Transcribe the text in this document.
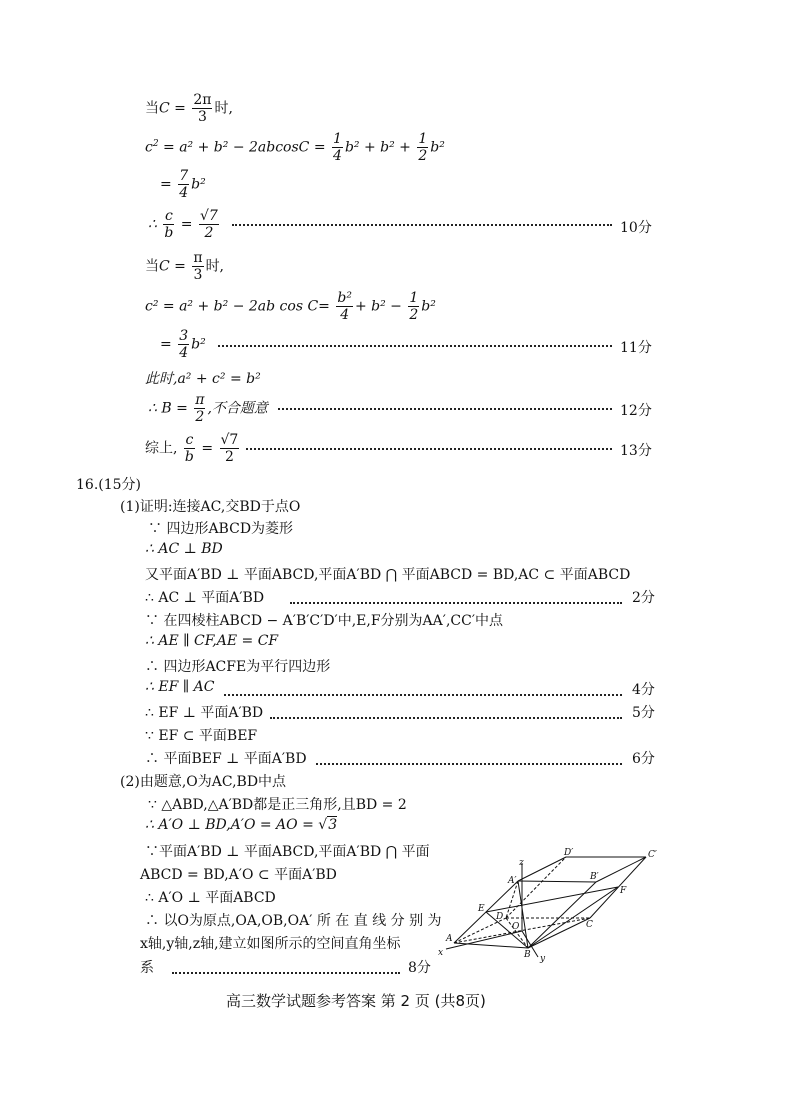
当$C = \frac{2\pi}{3}$ 时,
$c^2 = a^2 + b^2 - 2abcosC = \frac{1}{4} b^2 + b^2 + \frac{1}{2} b^2$
= $\frac{7}{4} b^2$
∴ $\frac{c}{b} = \frac{√7}{2}$	10分
当$C = \frac{\pi}{3}$ 时,
c² = a² + b² − 2ab $\cos C= \frac{\text{b²}}{4} + b^2 - \frac{1}{2} b^2$
= $\frac{3}{4} b^2$	11分
此时,a² + c² = b²
∴ $B = \frac{\pi}{2}$ ,不合题意	12分
综上, $\frac{c}{b} = \frac{√7}{2}$	13分
16.(15分)
(1)证明:连接AC,交BD于点O
∵ 四边形ABCD为菱形
∴ AC ⊥ BD
又平面A′BD ⊥ 平面ABCD,平面A′BD ⋂ 平面ABCD = BD,AC ⊂ 平面ABCD
∴ AC ⊥ 平面A′BD	2分
∵ 在四棱柱ABCD − A′B′C′D′中,E,F分别为AA′,CC′中点
∴ AE ∥ CF,AE = CF
∴ 四边形ACFE为平行四边形
∴ EF ∥ AC	4分
∴ EF ⊥ 平面A′BD	5分
∵ EF ⊂ 平面BEF
∴ 平面BEF ⊥ 平面A′BD	6分
(2)由题意,O为AC,BD中点
∵ △ABD,△A′BD都是正三角形,且BD = 2
∴ A′O ⊥ BD,A′O = AO = √3
∵平面A′BD ⊥ 平面ABCD,平面A′BD ⋂ 平面
ABCD = BD,A′O ⊂ 平面A′BD
∴ A′O ⊥ 平面ABCD
∴ 以O为原点,OA,OB,OA′ 所 在 直 线 分 别 为
x轴,y轴,z轴,建立如图所示的空间直角坐标
系	8分
D′	C′
z
A′	B′
F
E
D
O	C
A
B
x
y
高三数学试题参考答案 第 2 页 (共8页)
